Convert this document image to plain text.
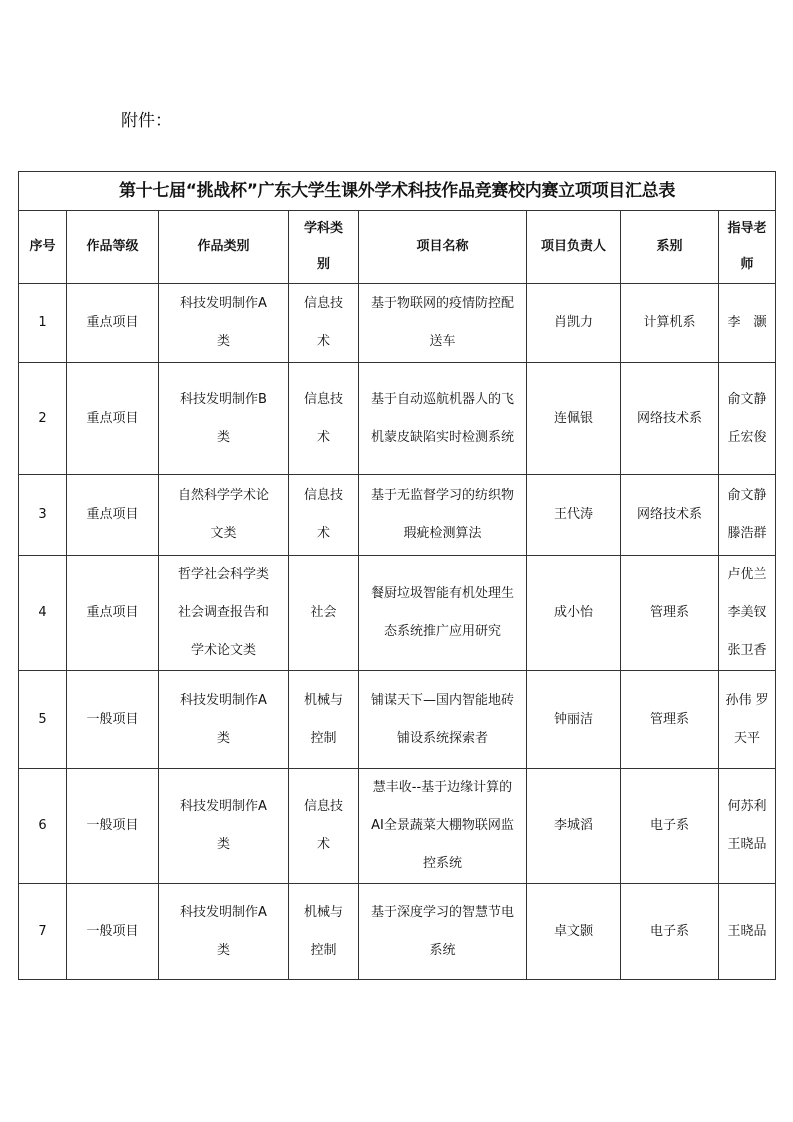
附件：
第十七届“挑战杯”广东大学生课外学术科技作品竞赛校内赛立项项目汇总表							
序号	作品等级	作品类别	学科类别	项目名称	项目负责人	系别	指导老师
1	重点项目	科技发明制作A类	信息技术	基于物联网的疫情防控配送车	肖凯力	计算机系	李　灏
2	重点项目	科技发明制作B类	信息技术	基于自动巡航机器人的飞机蒙皮缺陷实时检测系统	连佩银	网络技术系	俞文静 丘宏俊
3	重点项目	自然科学学术论文类	信息技术	基于无监督学习的纺织物瑕疵检测算法	王代涛	网络技术系	俞文静 滕浩群
4	重点项目	哲学社会科学类社会调查报告和学术论文类	社会	餐厨垃圾智能有机处理生态系统推广应用研究	成小怡	管理系	卢优兰 李美钗 张卫香
5	一般项目	科技发明制作A类	机械与控制	铺谋天下—国内智能地砖铺设系统探索者	钟丽洁	管理系	孙伟 罗天平
6	一般项目	科技发明制作A类	信息技术	慧丰收--基于边缘计算的AI全景蔬菜大棚物联网监控系统	李城滔	电子系	何苏利 王晓品
7	一般项目	科技发明制作A类	机械与控制	基于深度学习的智慧节电系统	卓文颢	电子系	王晓品
